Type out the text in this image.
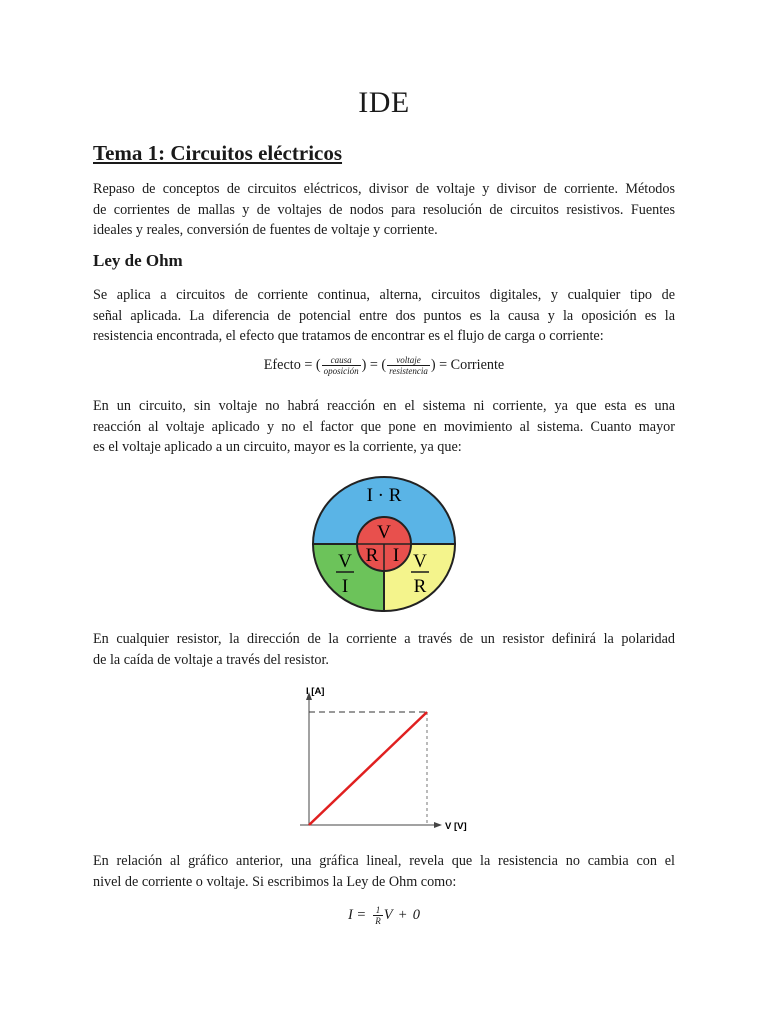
IDE
Tema 1: Circuitos eléctricos

Repaso de conceptos de circuitos eléctricos, divisor de voltaje y divisor de corriente. Métodos
de corrientes de mallas y de voltajes de nodos para resolución de circuitos resistivos. Fuentes
ideales y reales, conversión de fuentes de voltaje y corriente.

Ley de Ohm

Se aplica a circuitos de corriente continua, alterna, circuitos digitales, y cualquier tipo de
señal aplicada. La diferencia de potencial entre dos puntos es la causa y la oposición es la
resistencia encontrada, el efecto que tratamos de encontrar es el flujo de carga o corriente:

Efecto = ( $\frac{\text{causa}}{\text{oposición}}$ ) = ( $\frac{\text{voltaje}}{\text{resistencia}}$ ) = Corriente

En un circuito, sin voltaje no habrá reacción en el sistema ni corriente, ya que esta es una
reacción al voltaje aplicado y no el factor que pone en movimiento al sistema. Cuanto mayor
es el voltaje aplicado a un circuito, mayor es la corriente, ya que:

I · R
V
R I
V
I
V
R

En cualquier resistor, la dirección de la corriente a través de un resistor definirá la polaridad
de la caída de voltaje a través del resistor.

I [A]
V [V]

En relación al gráfico anterior, una gráfica lineal, revela que la resistencia no cambia con el
nivel de corriente o voltaje. Si escribimos la Ley de Ohm como:

$I = \frac{1}{R}$ V + 0
